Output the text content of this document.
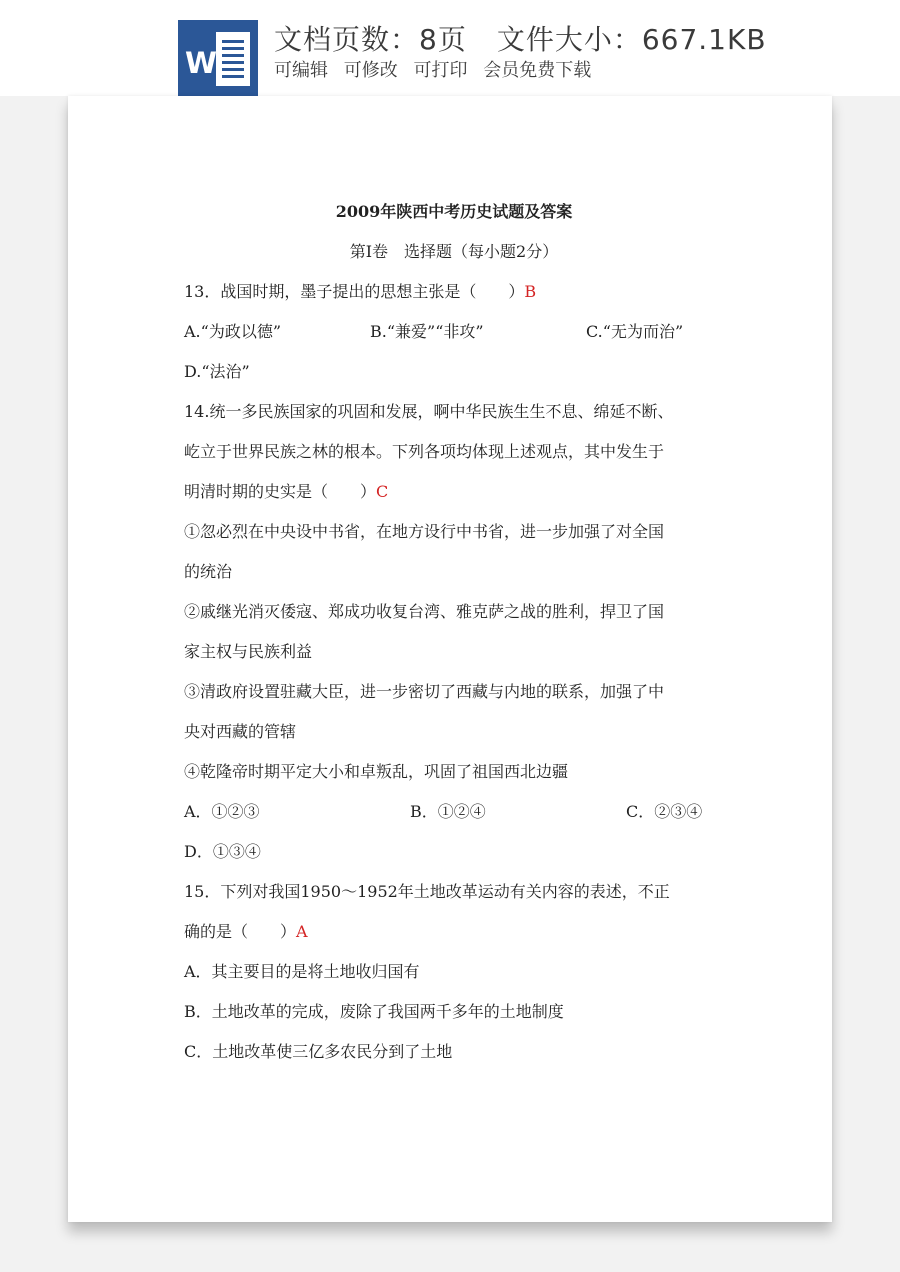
W
文档页数：8页 文件大小：667.1KB
可编辑 可修改 可打印 会员免费下载
2009年陕西中考历史试题及答案
第Ⅰ卷　选择题（每小题2分）
13．战国时期，墨子提出的思想主张是（　　）B
A.“为政以德”	B.“兼爱”“非攻”	C.“无为而治”
D.“法治”
14.统一多民族国家的巩固和发展，啊中华民族生生不息、绵延不断、
屹立于世界民族之林的根本。下列各项均体现上述观点，其中发生于
明清时期的史实是（　　）C
①忽必烈在中央设中书省，在地方设行中书省，进一步加强了对全国
的统治
②戚继光消灭倭寇、郑成功收复台湾、雅克萨之战的胜利，捍卫了国
家主权与民族利益
③清政府设置驻藏大臣，进一步密切了西藏与内地的联系，加强了中
央对西藏的管辖
④乾隆帝时期平定大小和卓叛乱，巩固了祖国西北边疆
A．①②③	B．①②④	C．②③④
D．①③④
15．下列对我国1950～1952年土地改革运动有关内容的表述，不正
确的是（　　）A
A．其主要目的是将土地收归国有
B．土地改革的完成，废除了我国两千多年的土地制度
C．土地改革使三亿多农民分到了土地
